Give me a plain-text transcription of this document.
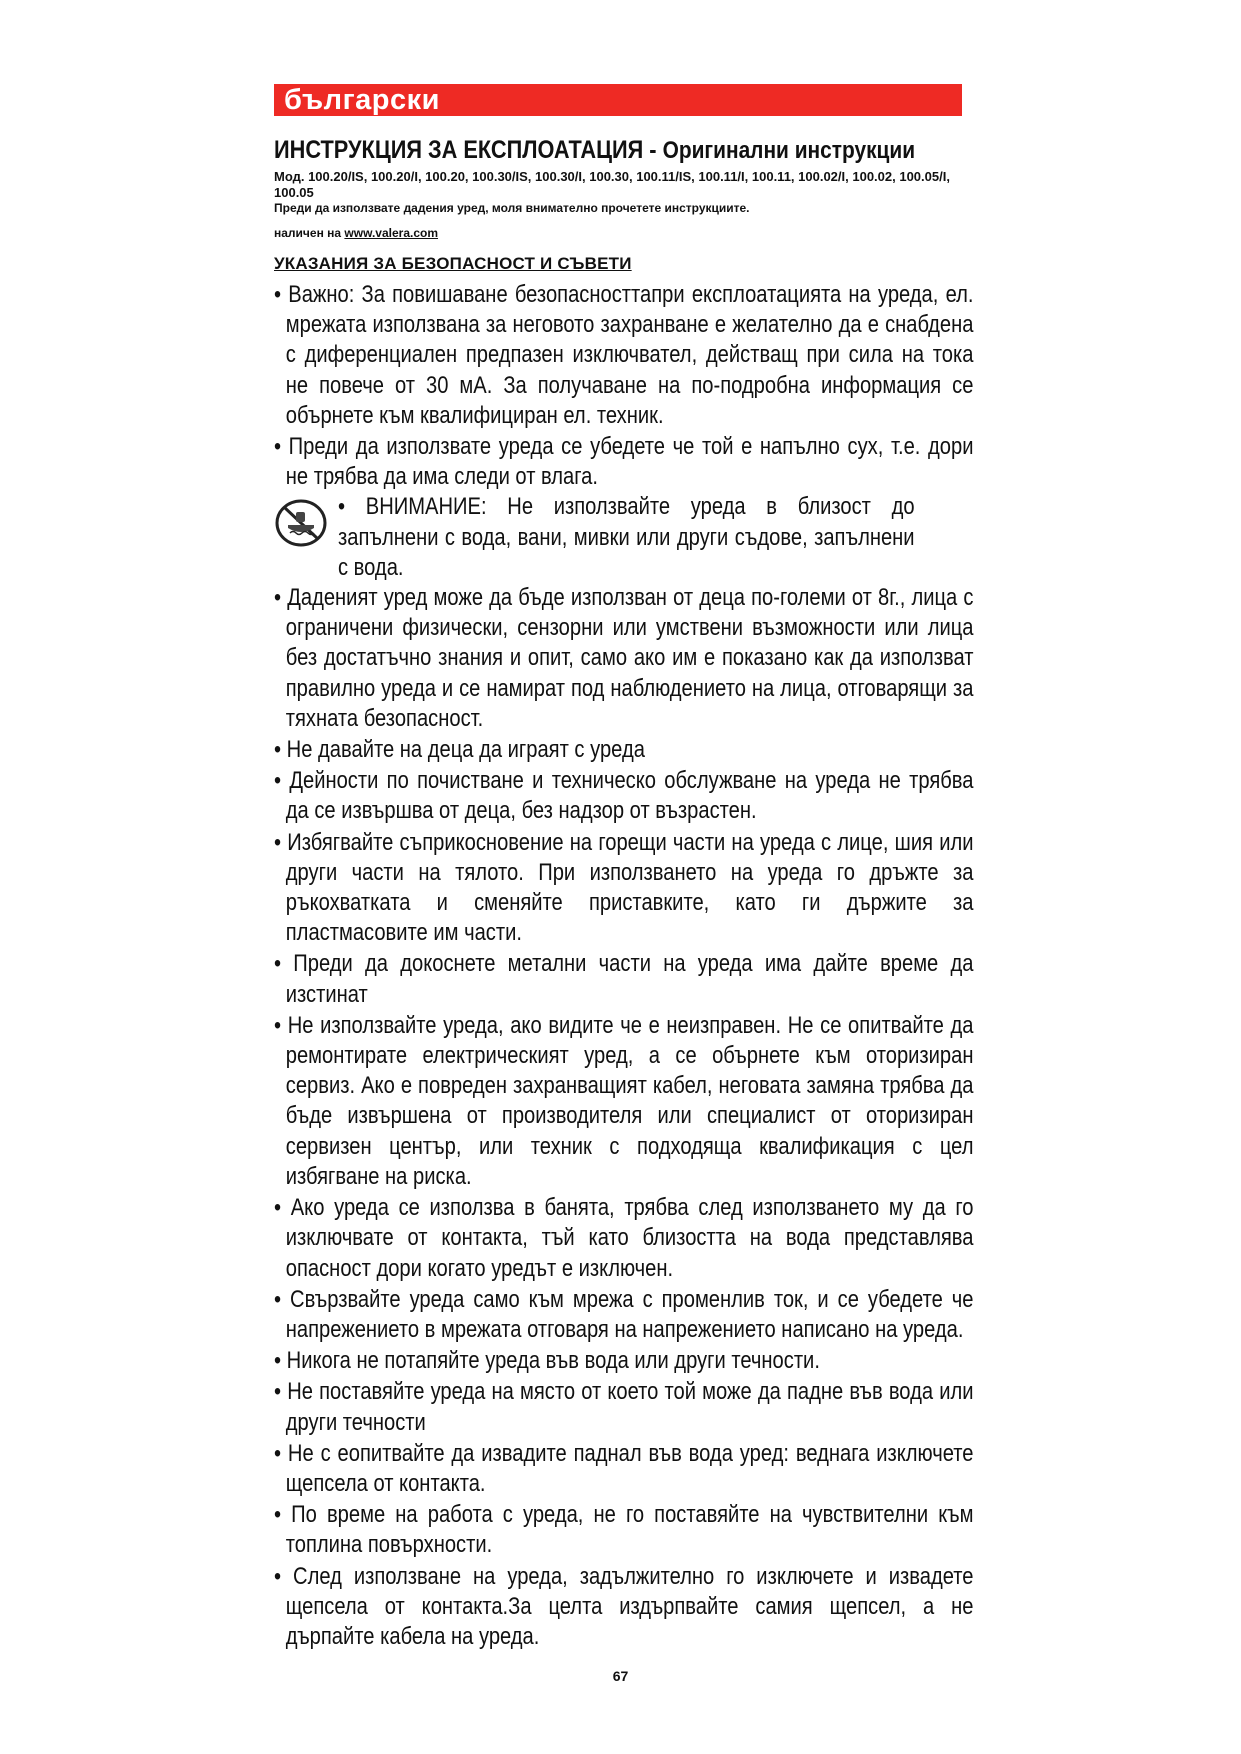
български
ИНСТРУКЦИЯ ЗА ЕКСПЛОАТАЦИЯ - Оригинални инструкции
Мод. 100.20/IS, 100.20/I, 100.20, 100.30/IS, 100.30/I, 100.30, 100.11/IS, 100.11/I, 100.11, 100.02/I, 100.02, 100.05/I, 100.05
Преди да използвате дадения уред, моля внимателно прочетете инструкциите.
наличен на www.valera.com
УКАЗАНИЯ ЗА БЕЗОПАСНОСТ И СЪВЕТИ
• Важно: За повишаване безопасносттапри експлоатацията на уреда, ел. мрежата използвана за неговото захранване е желателно да е снабдена с диференциален предпазен изключвател, действащ при сила на тока не повече от 30 мА. За получаване на по-подробна информация се обърнете към квалифициран ел. техник.
• Преди да използвате уреда се убедете че той е напълно сух, т.е. дори не трябва да има следи от влага.
• ВНИМАНИЕ: Не използвайте уреда в близост до запълнени с вода, вани, мивки или други съдове, запълнени с вода.
• Даденият уред може да бъде използван от деца по-големи от 8г., лица с ограничени физически, сензорни или умствени възможности или лица без достатъчно знания и опит, само ако им е показано как да използват правилно уреда и се намират под наблюдението на лица, отговарящи за тяхната безопасност.
• Не давайте на деца да играят с уреда
• Дейности по почистване и техническо обслужване на уреда не трябва да се извършва от деца, без надзор от възрастен.
• Избягвайте съприкосновение на горещи части на уреда с лице, шия или други части на тялото. При използването на уреда го дръжте за ръкохватката и сменяйте приставките, като ги държите за пластмасовите им части.
• Преди да докоснете метални части на уреда има дайте време да изстинат
• Не използвайте уреда, ако видите че е неизправен. Не се опитвайте да ремонтирате електрическият уред, а се обърнете към оторизиран сервиз. Ако е повреден захранващият кабел, неговата замяна трябва да бъде извършена от производителя или специалист от оторизиран сервизен център, или техник с подходяща квалификация с цел избягване на риска.
• Ако уреда се използва в банята, трябва след използването му да го изключвате от контакта, тъй като близостта на вода представлява опасност дори когато уредът е изключен.
• Свързвайте уреда само към мрежа с променлив ток, и се убедете че напрежението в мрежата отговаря на напрежението написано на уреда.
• Никога не потапяйте уреда във вода или други течности.
• Не поставяйте уреда на място от което той може да падне във вода или други течности
• Не с еопитвайте да извадите паднал във вода уред: веднага изключете щепсела от контакта.
• По време на работа с уреда, не го поставяйте на чувствителни към топлина повърхности.
• След използване на уреда, задължително го изключете и извадете щепсела от контакта.За целта издърпвайте самия щепсел, а не дърпайте кабела на уреда.
67
